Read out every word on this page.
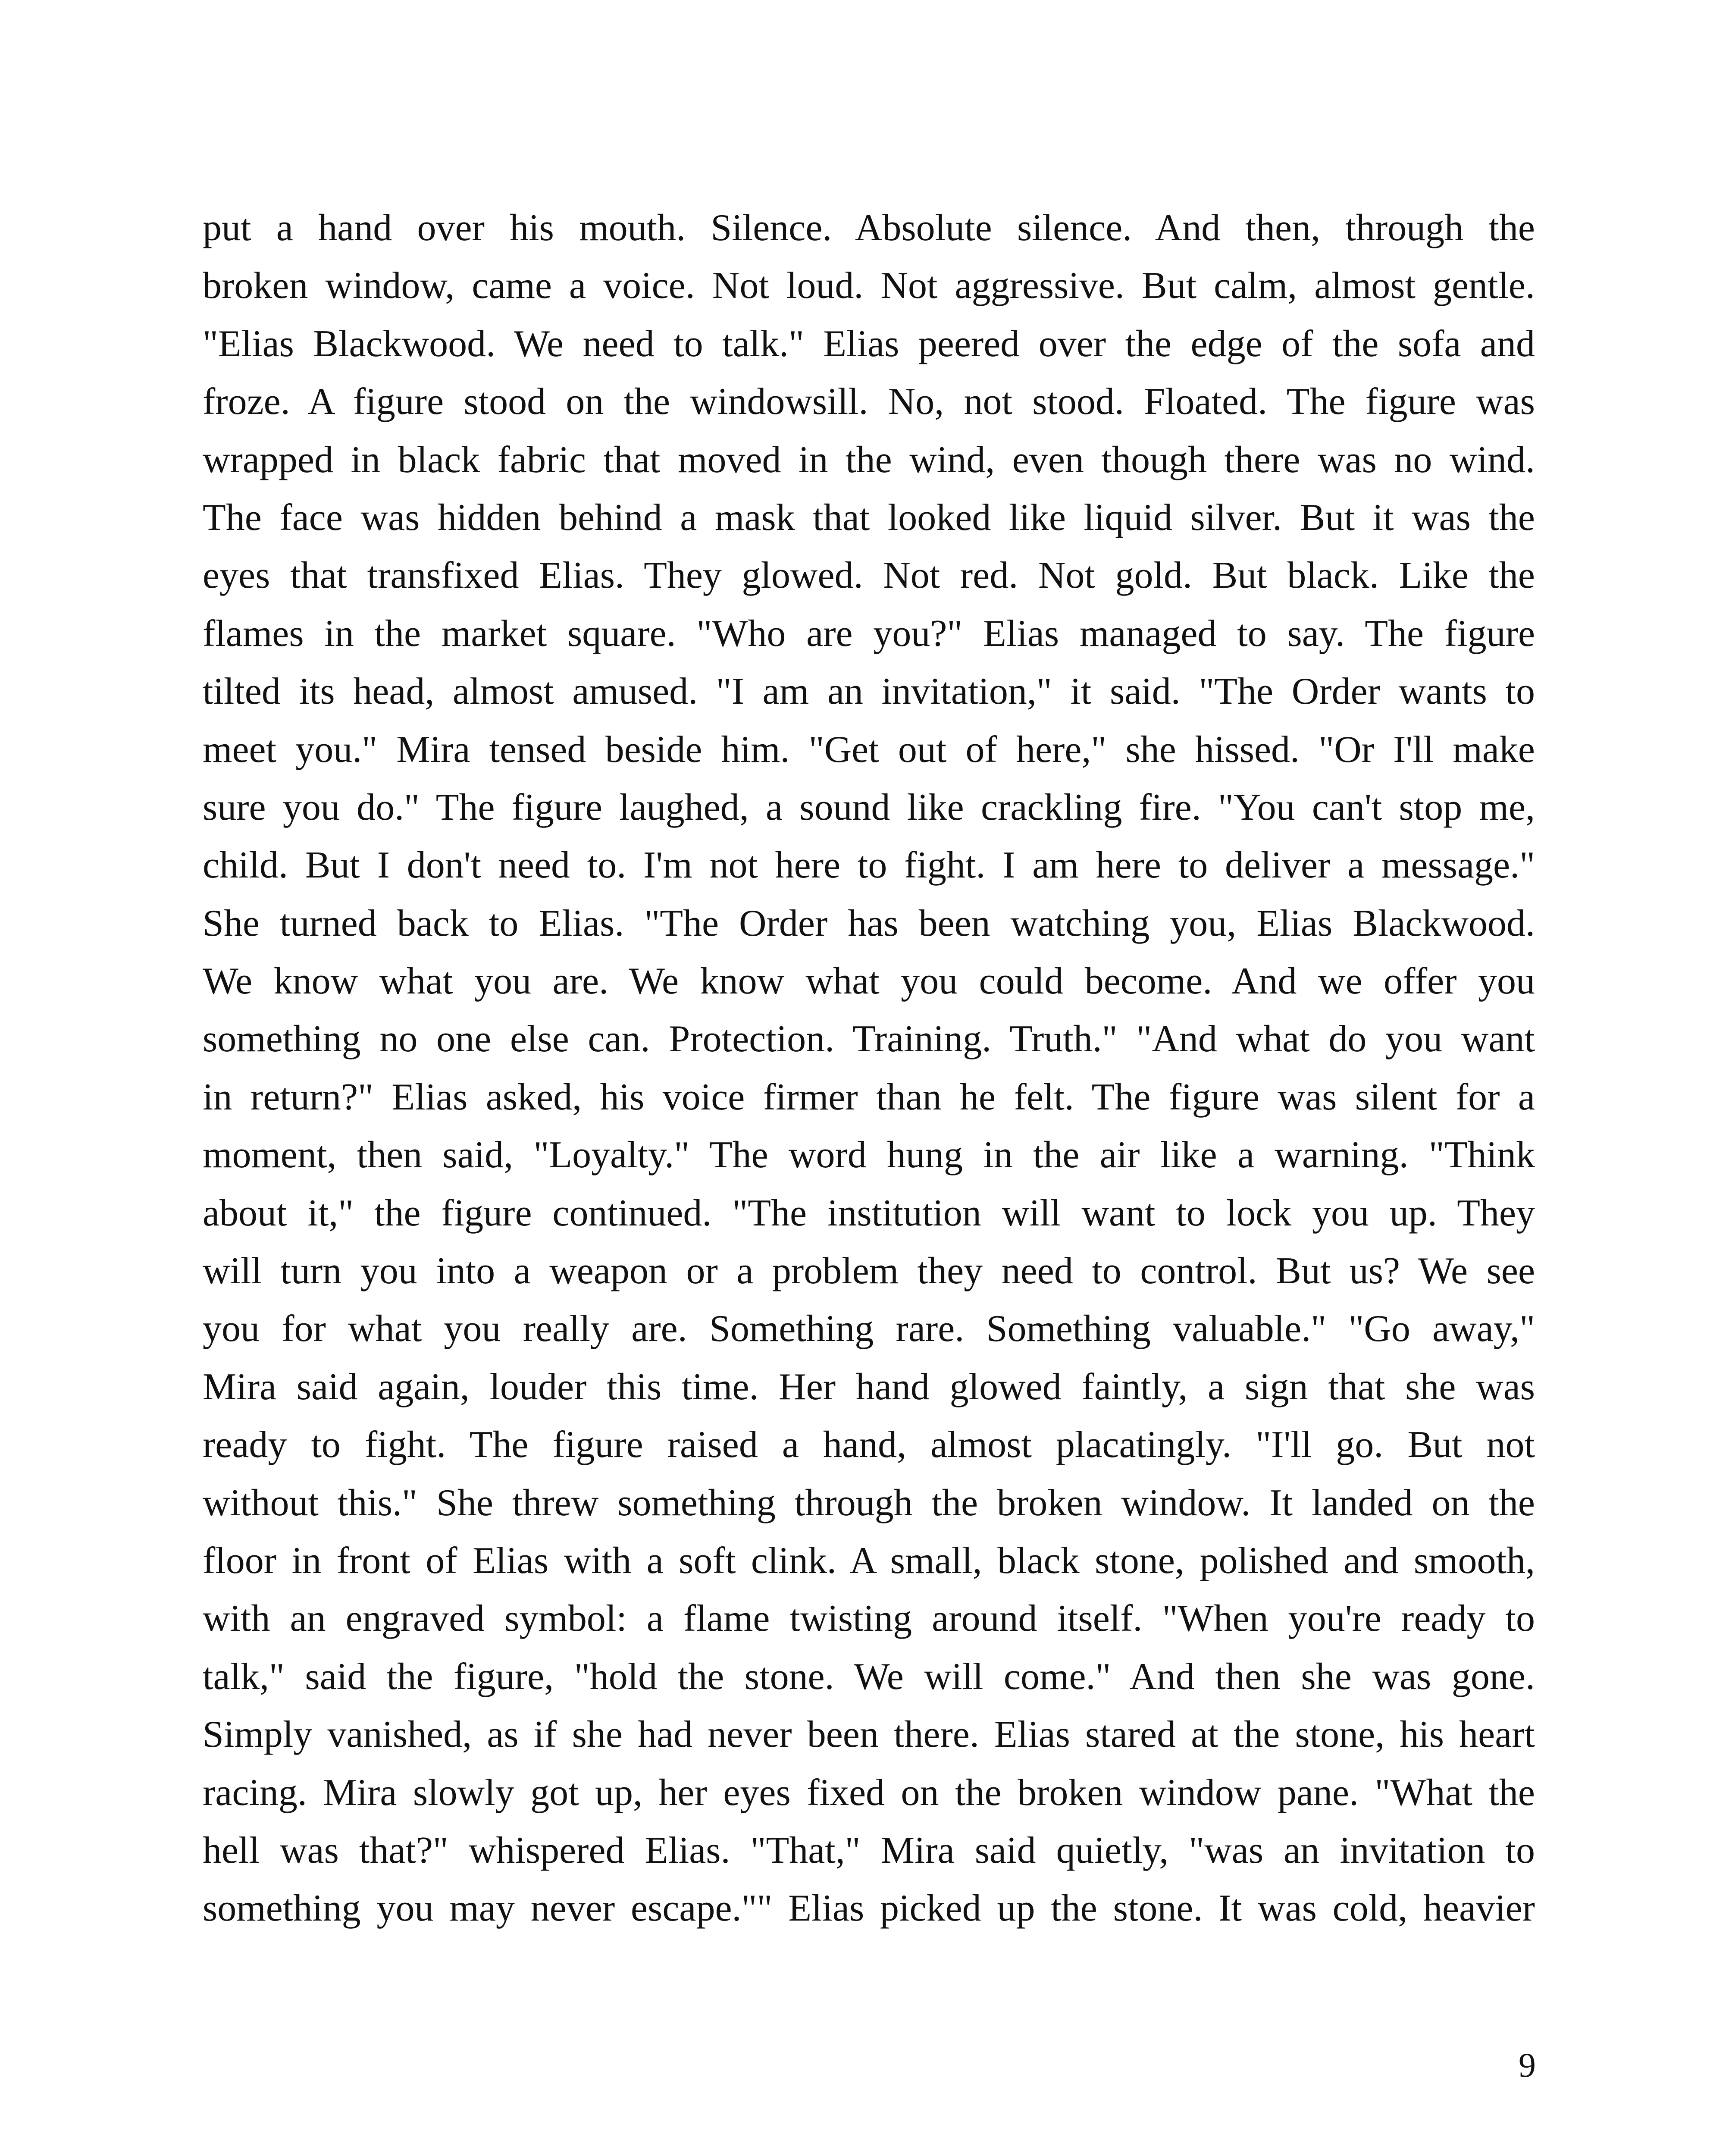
put a hand over his mouth. Silence. Absolute silence. And then, through the
broken window, came a voice. Not loud. Not aggressive. But calm, almost gentle.
"Elias Blackwood. We need to talk." Elias peered over the edge of the sofa and
froze. A figure stood on the windowsill. No, not stood. Floated. The figure was
wrapped in black fabric that moved in the wind, even though there was no wind.
The face was hidden behind a mask that looked like liquid silver. But it was the
eyes that transfixed Elias. They glowed. Not red. Not gold. But black. Like the
flames in the market square. "Who are you?" Elias managed to say. The figure
tilted its head, almost amused. "I am an invitation," it said. "The Order wants to
meet you." Mira tensed beside him. "Get out of here," she hissed. "Or I'll make
sure you do." The figure laughed, a sound like crackling fire. "You can't stop me,
child. But I don't need to. I'm not here to fight. I am here to deliver a message."
She turned back to Elias. "The Order has been watching you, Elias Blackwood.
We know what you are. We know what you could become. And we offer you
something no one else can. Protection. Training. Truth." "And what do you want
in return?" Elias asked, his voice firmer than he felt. The figure was silent for a
moment, then said, "Loyalty." The word hung in the air like a warning. "Think
about it," the figure continued. "The institution will want to lock you up. They
will turn you into a weapon or a problem they need to control. But us? We see
you for what you really are. Something rare. Something valuable." "Go away,"
Mira said again, louder this time. Her hand glowed faintly, a sign that she was
ready to fight. The figure raised a hand, almost placatingly. "I'll go. But not
without this." She threw something through the broken window. It landed on the
floor in front of Elias with a soft clink. A small, black stone, polished and smooth,
with an engraved symbol: a flame twisting around itself. "When you're ready to
talk," said the figure, "hold the stone. We will come." And then she was gone.
Simply vanished, as if she had never been there. Elias stared at the stone, his heart
racing. Mira slowly got up, her eyes fixed on the broken window pane. "What the
hell was that?" whispered Elias. "That," Mira said quietly, "was an invitation to
something you may never escape."" Elias picked up the stone. It was cold, heavier
9
